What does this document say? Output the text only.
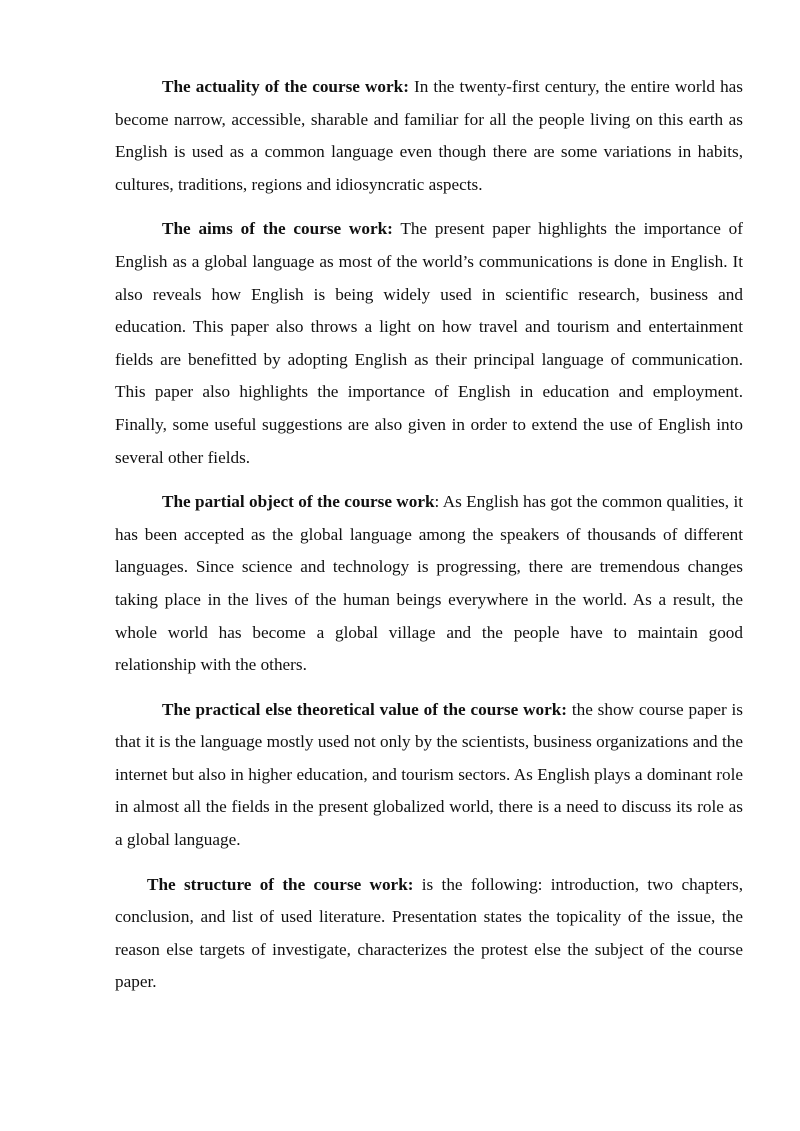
The actuality of the course work: In the twenty-first century, the entire world has become narrow, accessible, sharable and familiar for all the people living on this earth as English is used as a common language even though there are some variations in habits, cultures, traditions, regions and idiosyncratic aspects.

The aims of the course work: The present paper highlights the importance of English as a global language as most of the world’s communications is done in English. It also reveals how English is being widely used in scientific research, business and education. This paper also throws a light on how travel and tourism and entertainment fields are benefitted by adopting English as their principal language of communication. This paper also highlights the importance of English in education and employment. Finally, some useful suggestions are also given in order to extend the use of English into several other fields.

The partial object of the course work: As English has got the common qualities, it has been accepted as the global language among the speakers of thousands of different languages. Since science and technology is progressing, there are tremendous changes taking place in the lives of the human beings everywhere in the world. As a result, the whole world has become a global village and the people have to maintain good relationship with the others.

The practical else theoretical value of the course work: the show course paper is that it is the language mostly used not only by the scientists, business organizations and the internet but also in higher education, and tourism sectors. As English plays a dominant role in almost all the fields in the present globalized world, there is a need to discuss its role as a global language.

The structure of the course work: is the following: introduction, two chapters, conclusion, and list of used literature. Presentation states the topicality of the issue, the reason else targets of investigate, characterizes the protest else the subject of the course paper.
